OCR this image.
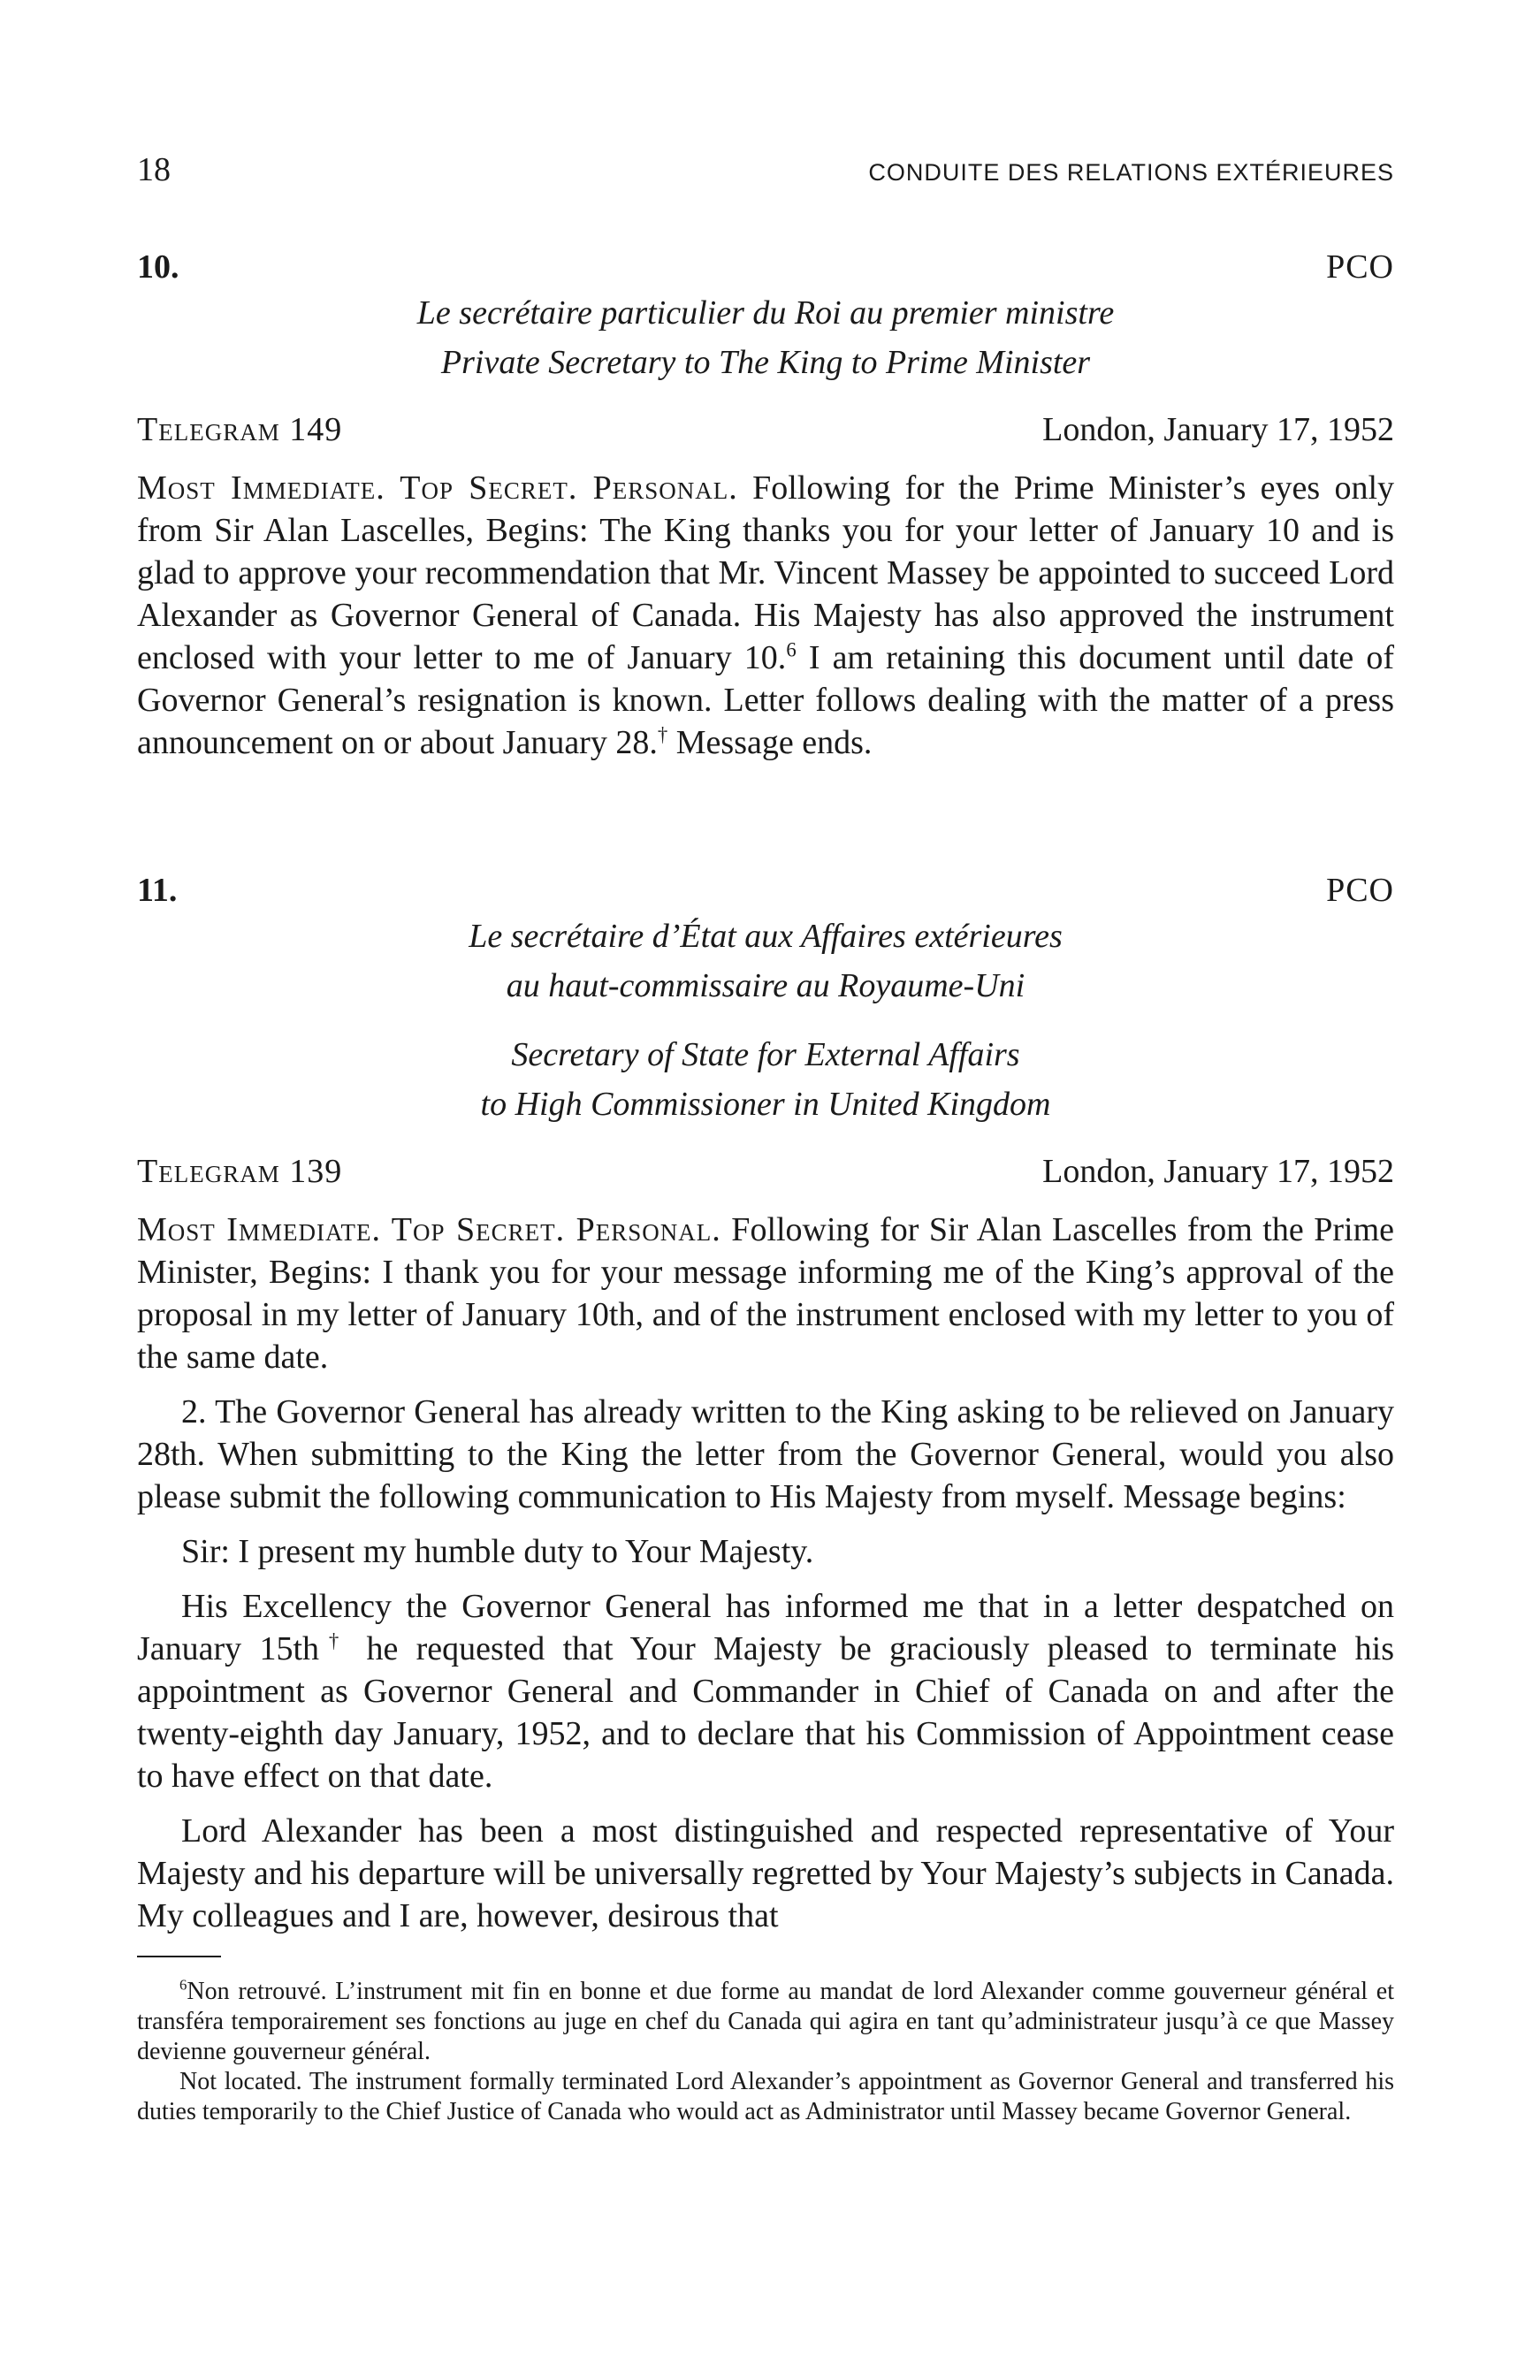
18	CONDUITE DES RELATIONS EXTÉRIEURES
10.	PCO
Le secrétaire particulier du Roi au premier ministre
Private Secretary to The King to Prime Minister
Telegram 149	London, January 17, 1952

Most Immediate. Top Secret. Personal. Following for the Prime Minister’s eyes only from Sir Alan Lascelles, Begins: The King thanks you for your letter of January 10 and is glad to approve your recommendation that Mr. Vincent Massey be appointed to succeed Lord Alexander as Governor General of Canada. His Majesty has also approved the instrument enclosed with your letter to me of January 10.$^6$ I am retaining this document until date of Governor General’s resignation is known. Letter follows dealing with the matter of a press announcement on or about January 28.† Message ends.

11.	PCO
Le secrétaire d’État aux Affaires extérieures
au haut-commissaire au Royaume-Uni
Secretary of State for External Affairs
to High Commissioner in United Kingdom
Telegram 139	London, January 17, 1952

Most Immediate. Top Secret. Personal. Following for Sir Alan Lascelles from the Prime Minister, Begins: I thank you for your message informing me of the King’s approval of the proposal in my letter of January 10th, and of the instrument enclosed with my letter to you of the same date.

2. The Governor General has already written to the King asking to be relieved on January 28th. When submitting to the King the letter from the Governor General, would you also please submit the following communication to His Majesty from myself. Message begins:

Sir: I present my humble duty to Your Majesty.

His Excellency the Governor General has informed me that in a letter despatched on January 15th† he requested that Your Majesty be graciously pleased to terminate his appointment as Governor General and Commander in Chief of Canada on and after the twenty-eighth day January, 1952, and to declare that his Commission of Appointment cease to have effect on that date.

Lord Alexander has been a most distinguished and respected representative of Your Majesty and his departure will be universally regretted by Your Majesty’s subjects in Canada. My colleagues and I are, however, desirous that

$^6$Non retrouvé. L’instrument mit fin en bonne et due forme au mandat de lord Alexander comme gouverneur général et transféra temporairement ses fonctions au juge en chef du Canada qui agira en tant qu’administrateur jusqu’à ce que Massey devienne gouverneur général.

Not located. The instrument formally terminated Lord Alexander’s appointment as Governor General and transferred his duties temporarily to the Chief Justice of Canada who would act as Administrator until Massey became Governor General.
